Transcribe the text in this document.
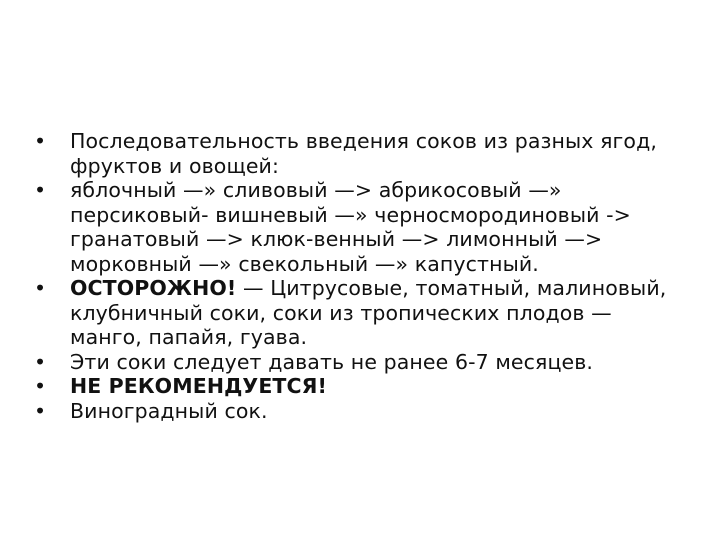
• Последовательность введения соков из разных ягод, фруктов и овощей:
• яблочный —» сливовый —> абрикосовый —» персиковый- вишневый —» черносмородиновый -> гранатовый —> клюк-венный —> лимонный —> морковный —» свекольный —» капустный.
• ОСТОРОЖНО! — Цитрусовые, томатный, малиновый, клубничный соки, соки из тропических плодов — манго, папайя, гуава.
• Эти соки следует давать не ранее 6-7 месяцев.
• НЕ РЕКОМЕНДУЕТСЯ!
• Виноградный сок.
